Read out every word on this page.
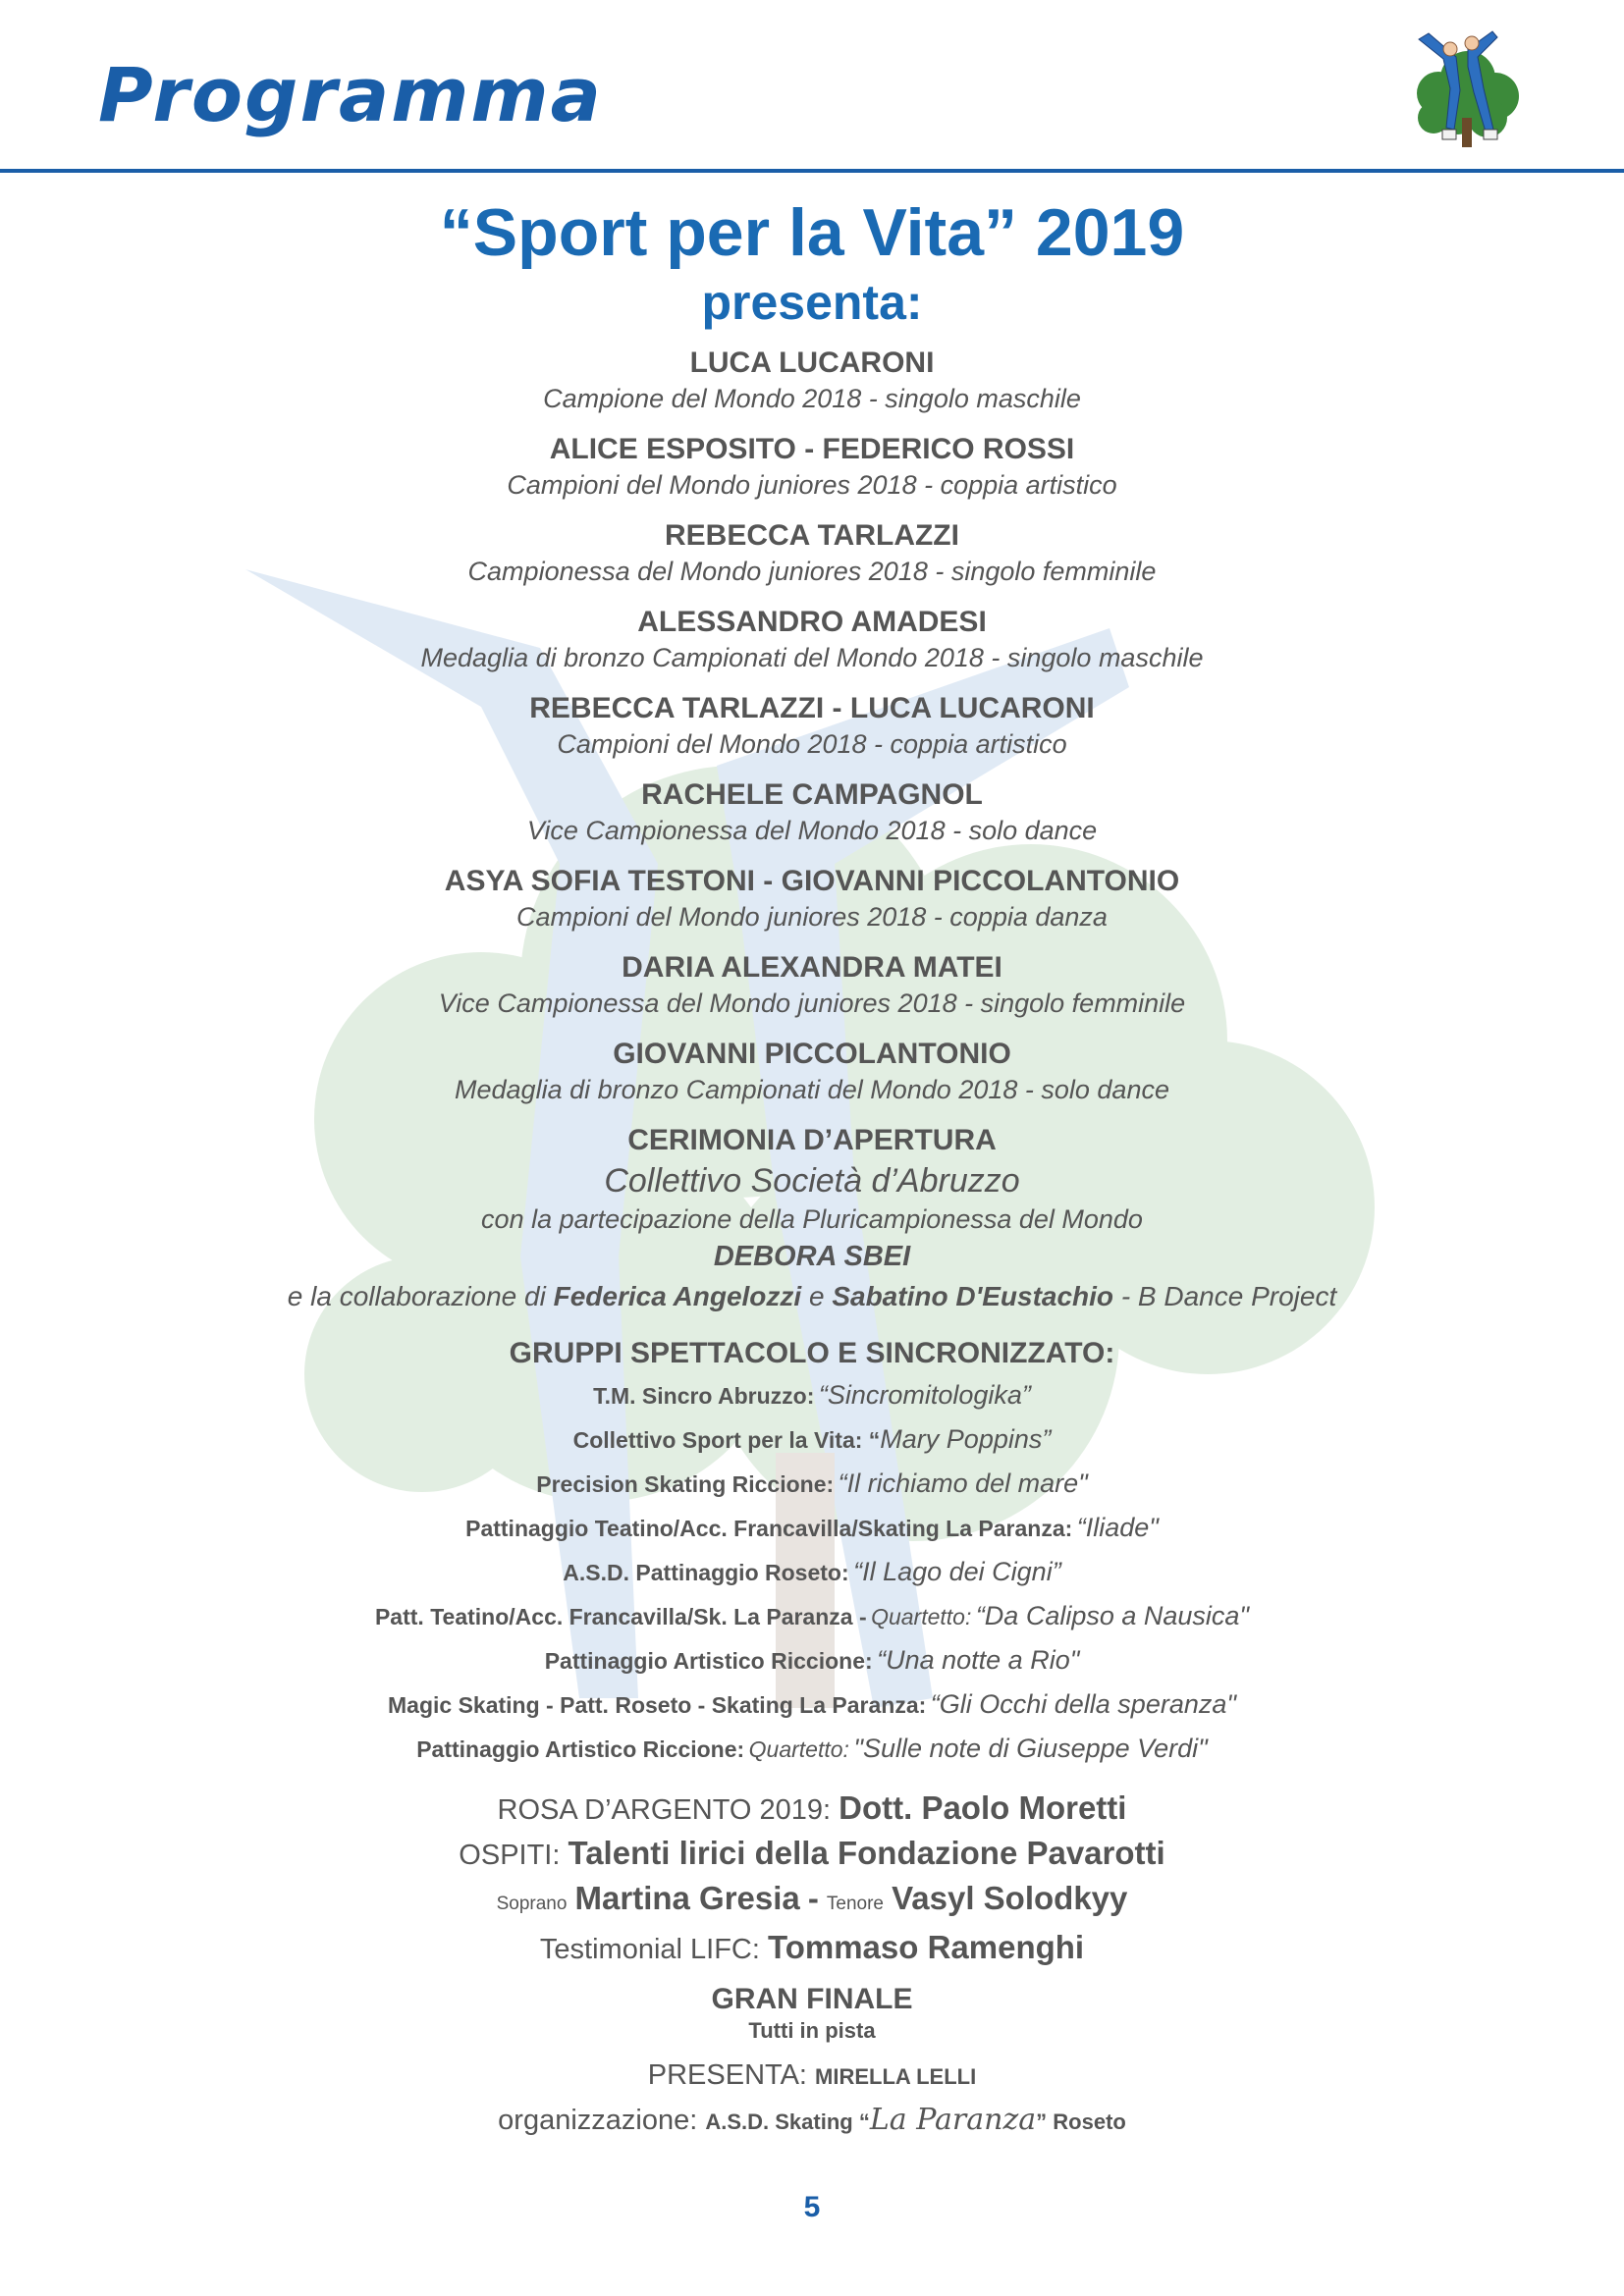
Programma
“Sport per la Vita” 2019
presenta:
LUCA LUCARONI
Campione del Mondo 2018 - singolo maschile
ALICE ESPOSITO - FEDERICO ROSSI
Campioni del Mondo juniores 2018 - coppia artistico
REBECCA TARLAZZI
Campionessa del Mondo juniores 2018 - singolo femminile
ALESSANDRO AMADESI
Medaglia di bronzo Campionati del Mondo 2018 - singolo maschile
REBECCA TARLAZZI - LUCA LUCARONI
Campioni del Mondo 2018 - coppia artistico
RACHELE CAMPAGNOL
Vice Campionessa del Mondo 2018 - solo dance
ASYA SOFIA TESTONI - GIOVANNI PICCOLANTONIO
Campioni del Mondo juniores 2018 - coppia danza
DARIA ALEXANDRA MATEI
Vice Campionessa del Mondo juniores 2018 - singolo femminile
GIOVANNI PICCOLANTONIO
Medaglia di bronzo Campionati del Mondo 2018 - solo dance
CERIMONIA D’APERTURA
Collettivo Società d’Abruzzo
con la partecipazione della Pluricampionessa del Mondo
DEBORA SBEI
e la collaborazione di Federica Angelozzi e Sabatino D'Eustachio - B Dance Project
GRUPPI SPETTACOLO E SINCRONIZZATO:
T.M. Sincro Abruzzo: “Sincromitologika”
Collettivo Sport per la Vita: “Mary Poppins”
Precision Skating Riccione: “Il richiamo del mare"
Pattinaggio Teatino/Acc. Francavilla/Skating La Paranza: “Iliade"
A.S.D. Pattinaggio Roseto: “Il Lago dei Cigni”
Patt. Teatino/Acc. Francavilla/Sk. La Paranza - Quartetto: “Da Calipso a Nausica"
Pattinaggio Artistico Riccione: “Una notte a Rio"
Magic Skating - Patt. Roseto - Skating La Paranza: “Gli Occhi della speranza"
Pattinaggio Artistico Riccione: Quartetto: "Sulle note di Giuseppe Verdi"
ROSA D’ARGENTO 2019: Dott. Paolo Moretti
OSPITI: Talenti lirici della Fondazione Pavarotti
Soprano Martina Gresia - Tenore Vasyl Solodkyy
Testimonial LIFC: Tommaso Ramenghi
GRAN FINALE
Tutti in pista
PRESENTA: MIRELLA LELLI
organizzazione: A.S.D. Skating “La Paranza” Roseto
5
